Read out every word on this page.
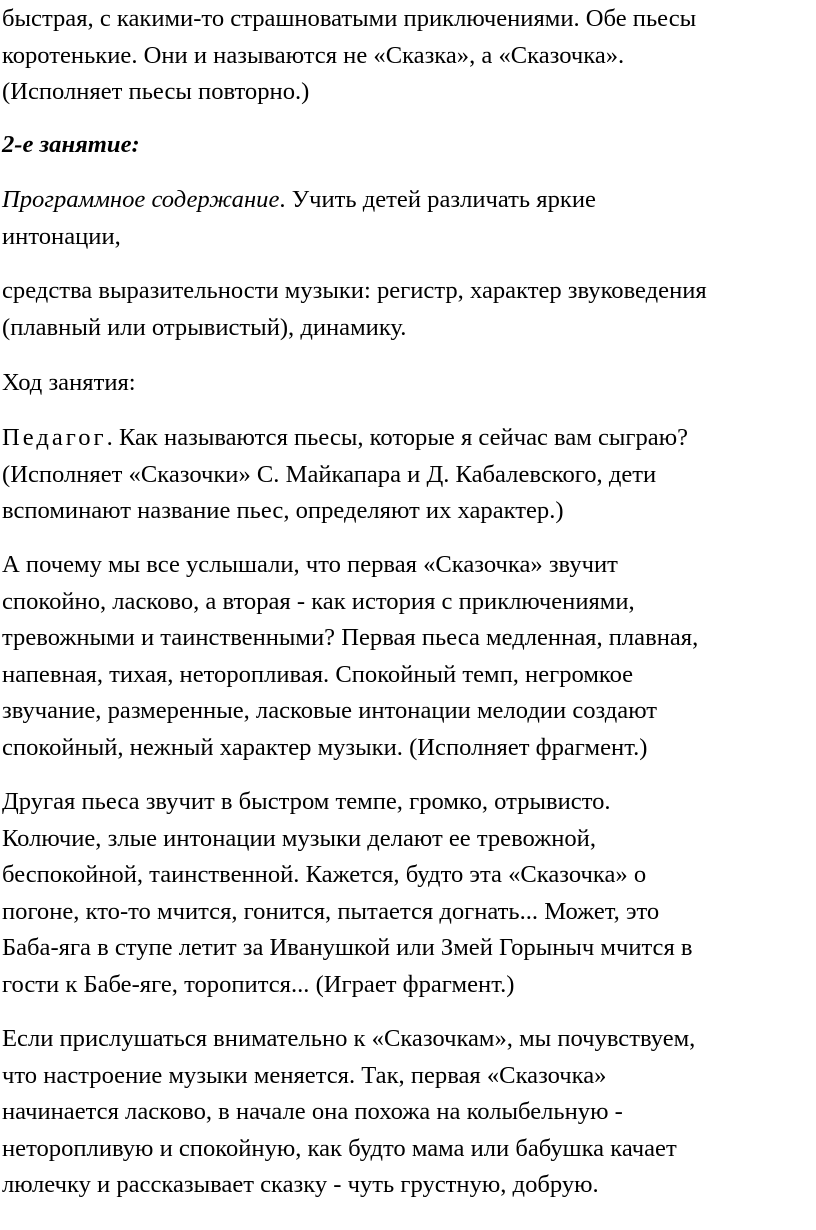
быстрая, с какими-то страшноватыми приключениями. Обе пьесы
коротенькие. Они и называются не «Сказка», а «Сказочка».
(Исполняет пьесы повторно.)

2-е занятие:

Программное содержание. Учить детей различать яркие
интонации,

средства выразительности музыки: регистр, характер звуковедения
(плавный или отрывистый), динамику.

Ход занятия:

Педагог. Как называются пьесы, которые я сейчас вам сыграю?
(Исполняет «Сказочки» С. Майкапара и Д. Кабалевского, дети
вспоминают название пьес, определяют их характер.)

А почему мы все услышали, что первая «Сказочка» звучит
спокойно, ласково, а вторая - как история с приключениями,
тревожными и таинственными? Первая пьеса медленная, плавная,
напевная, тихая, неторопливая. Спокойный темп, негромкое
звучание, размеренные, ласковые интонации мелодии создают
спокойный, нежный характер музыки. (Исполняет фрагмент.)

Другая пьеса звучит в быстром темпе, громко, отрывисто.
Колючие, злые интонации музыки делают ее тревожной,
беспокойной, таинственной. Кажется, будто эта «Сказочка» о
погоне, кто-то мчится, гонится, пытается догнать... Может, это
Баба-яга в ступе летит за Иванушкой или Змей Горыныч мчится в
гости к Бабе-яге, торопится... (Играет фрагмент.)

Если прислушаться внимательно к «Сказочкам», мы почувствуем,
что настроение музыки меняется. Так, первая «Сказочка»
начинается ласково, в начале она похожа на колыбельную -
неторопливую и спокойную, как будто мама или бабушка качает
люлечку и рассказывает сказку - чуть грустную, добрую.
